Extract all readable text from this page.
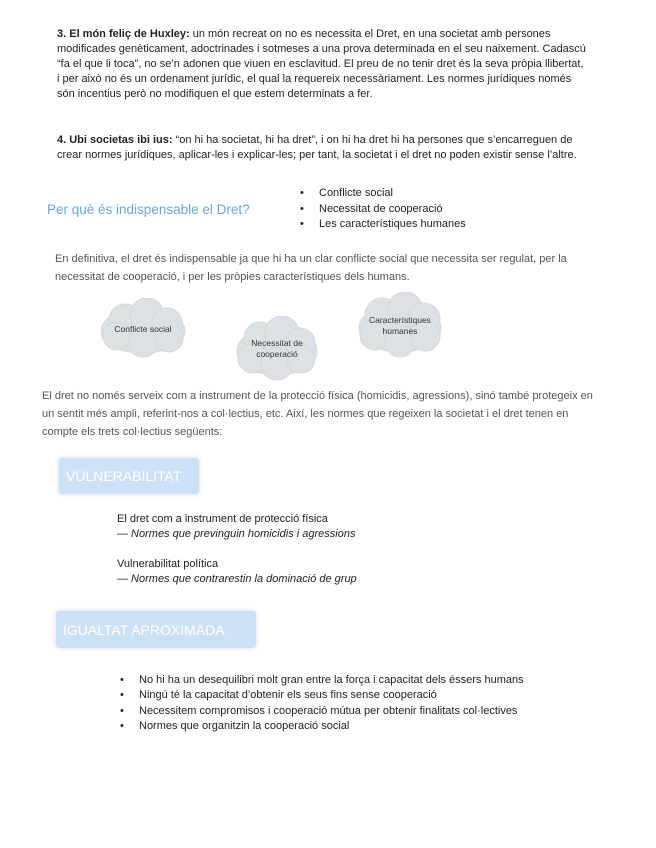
3. El món feliç de Huxley: un món recreat on no es necessita el Dret, en una societat amb persones modificades genèticament, adoctrinades i sotmeses a una prova determinada en el seu naixement. Cadascú “fa el que li toca”, no se’n adonen que viuen en esclavitud. El preu de no tenir dret és la seva pròpia llibertat, i per això no és un ordenament jurídic, el qual la requereix necessàriament. Les normes jurídiques només són incentius però no modifiquen el que estem determinats a fer.
4. Ubi societas ibi ius: “on hi ha societat, hi ha dret”, i on hi ha dret hi ha persones que s’encarreguen de crear normes jurídiques, aplicar-les i explicar-les; per tant, la societat i el dret no poden existir sense l’altre.
Per què és indispensable el Dret?
• Conflicte social
• Necessitat de cooperació
• Les característiques humanes
En definitiva, el dret és indispensable ja que hi ha un clar conflicte social que necessita ser regulat, per la necessitat de cooperació, i per les pròpies característiques dels humans.
Conflicte social
Necessitat de
cooperació
Característiques
humanes
El dret no només serveix com a instrument de la protecció física (homicidis, agressions), sinó també protegeix en un sentit més ampli, referint-nos a col·lectius, etc. Així, les normes que regeixen la societat i el dret tenen en compte els trets col·lectius següents:
VULNERABILITAT
El dret com a instrument de protecció física
— Normes que previnguin homicidis i agressions
Vulnerabilitat política
— Normes que contrarestin la dominació de grup
IGUALTAT APROXIMADA
• No hi ha un desequilibri molt gran entre la força i capacitat dels éssers humans
• Ningú té la capacitat d’obtenir els seus fins sense cooperació
• Necessitem compromisos i cooperació mútua per obtenir finalitats col·lectives
• Normes que organitzin la cooperació social
